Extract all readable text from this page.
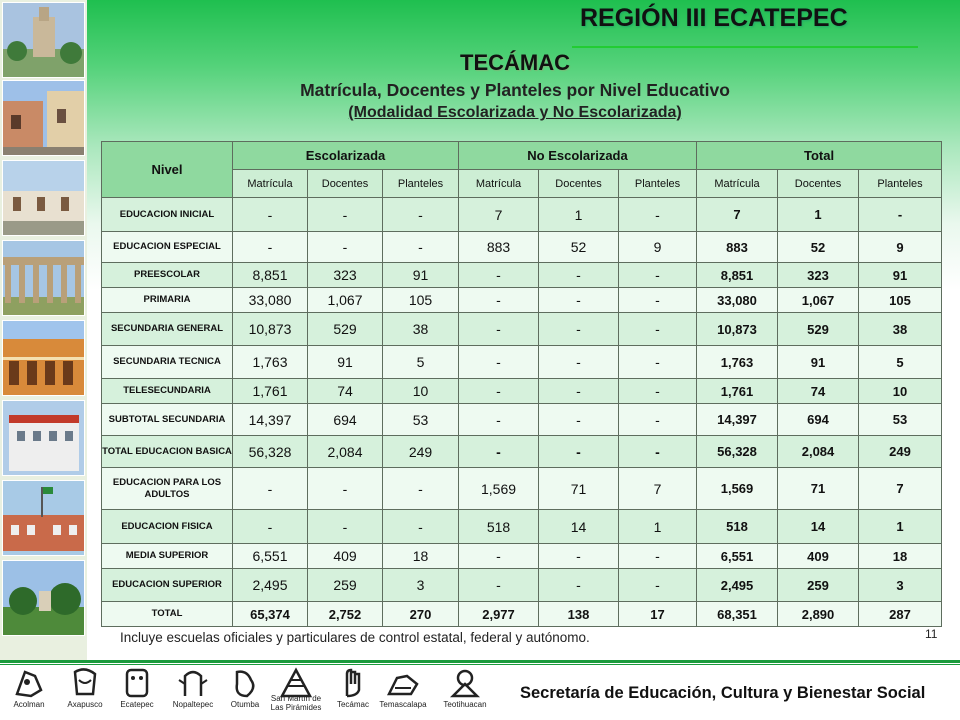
REGIÓN III ECATEPEC
TECÁMAC
Matrícula, Docentes y Planteles por Nivel Educativo
(Modalidad Escolarizada y No Escolarizada)
Nivel	Escolarizada			No Escolarizada			Total		
	Matrícula	Docentes	Planteles	Matrícula	Docentes	Planteles	Matrícula	Docentes	Planteles
EDUCACION INICIAL	-	-	-	7	1	-	7	1	-
EDUCACION ESPECIAL	-	-	-	883	52	9	883	52	9
PREESCOLAR	8,851	323	91	-	-	-	8,851	323	91
PRIMARIA	33,080	1,067	105	-	-	-	33,080	1,067	105
SECUNDARIA GENERAL	10,873	529	38	-	-	-	10,873	529	38
SECUNDARIA TECNICA	1,763	91	5	-	-	-	1,763	91	5
TELESECUNDARIA	1,761	74	10	-	-	-	1,761	74	10
SUBTOTAL SECUNDARIA	14,397	694	53	-	-	-	14,397	694	53
TOTAL EDUCACION BASICA	56,328	2,084	249	-	-	-	56,328	2,084	249
EDUCACION PARA LOS ADULTOS	-	-	-	1,569	71	7	1,569	71	7
EDUCACION FISICA	-	-	-	518	14	1	518	14	1
MEDIA SUPERIOR	6,551	409	18	-	-	-	6,551	409	18
EDUCACION SUPERIOR	2,495	259	3	-	-	-	2,495	259	3
TOTAL	65,374	2,752	270	2,977	138	17	68,351	2,890	287
Incluye escuelas oficiales y particulares de control estatal, federal y autónomo.	11
Acolman	Axapusco	Ecatepec	Nopaltepec	Otumba
San Martín de Las Pirámides	Tecámac	Temascalapa	Teotihuacan
Secretaría de Educación, Cultura y Bienestar Social
